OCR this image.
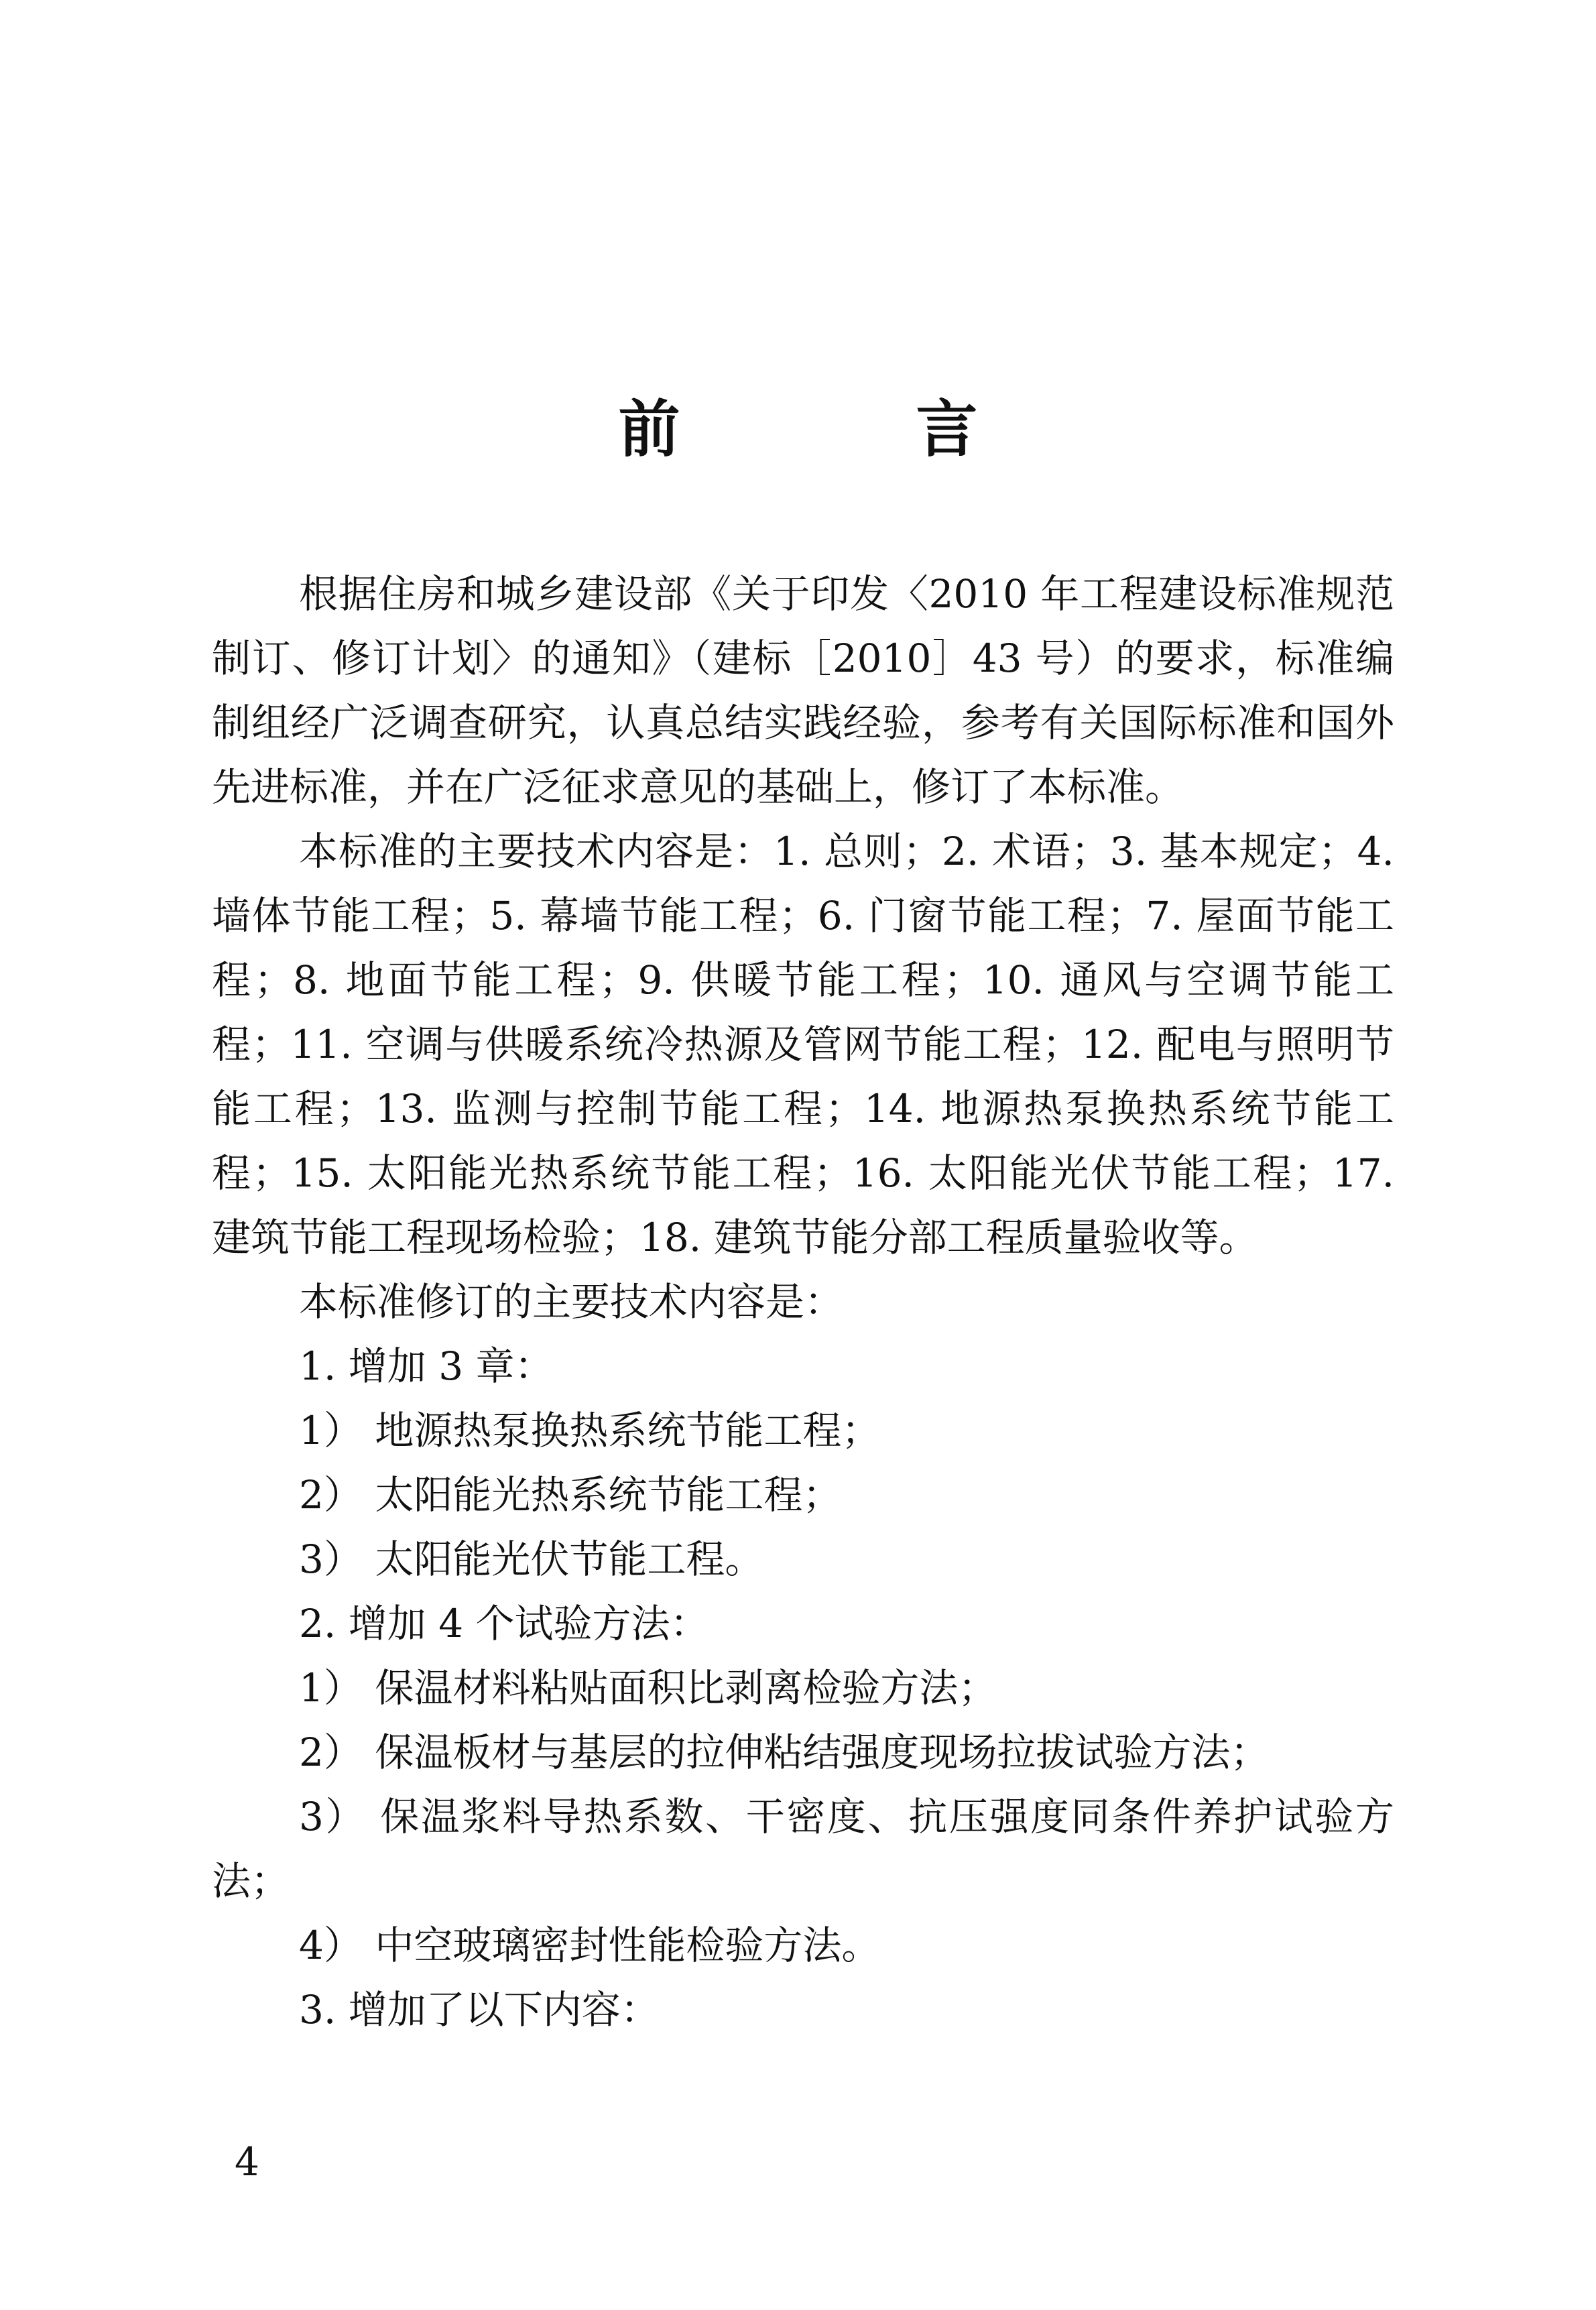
前 言

根据住房和城乡建设部《关于印发〈2010 年工程建设标准规范制订、修订计划〉的通知》（建标［2010］43 号）的要求，标准编制组经广泛调查研究，认真总结实践经验，参考有关国际标准和国外先进标准，并在广泛征求意见的基础上，修订了本标准。

本标准的主要技术内容是：1. 总则；2. 术语；3. 基本规定；4. 墙体节能工程；5. 幕墙节能工程；6. 门窗节能工程；7. 屋面节能工程；8. 地面节能工程；9. 供暖节能工程；10. 通风与空调节能工程；11. 空调与供暖系统冷热源及管网节能工程；12. 配电与照明节能工程；13. 监测与控制节能工程；14. 地源热泵换热系统节能工程；15. 太阳能光热系统节能工程；16. 太阳能光伏节能工程；17. 建筑节能工程现场检验；18. 建筑节能分部工程质量验收等。

本标准修订的主要技术内容是：

1. 增加 3 章：

1） 地源热泵换热系统节能工程；

2） 太阳能光热系统节能工程；

3） 太阳能光伏节能工程。

2. 增加 4 个试验方法：

1） 保温材料粘贴面积比剥离检验方法；

2） 保温板材与基层的拉伸粘结强度现场拉拔试验方法；

3） 保温浆料导热系数、干密度、抗压强度同条件养护试验方法；

4） 中空玻璃密封性能检验方法。

3. 增加了以下内容：

4
